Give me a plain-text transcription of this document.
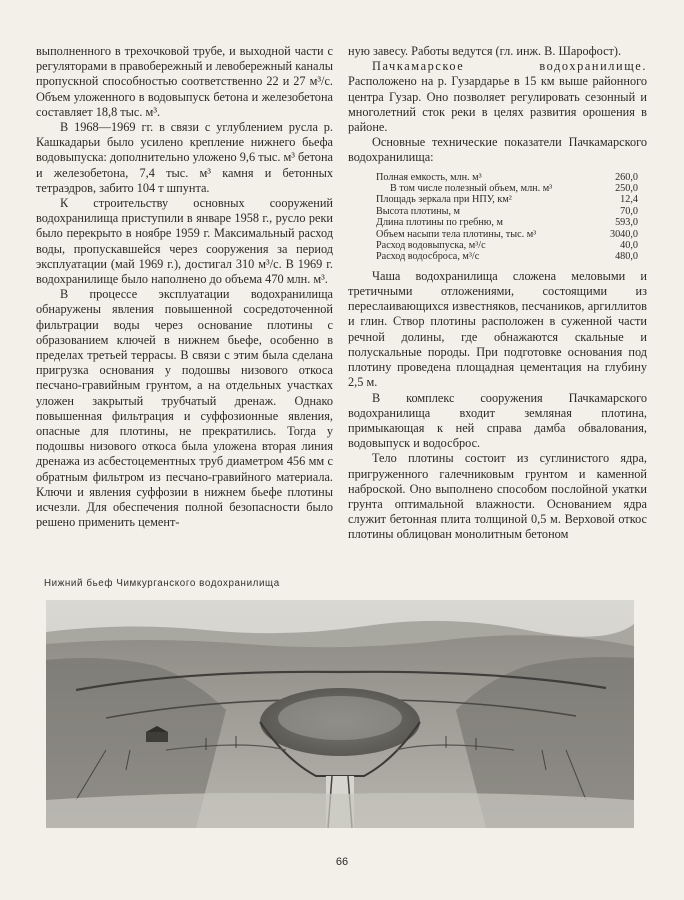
выполненного в трехочковой трубе, и выходной части с регуляторами в правобережный и левобережный каналы пропускной способностью соответственно 22 и 27 м³/с. Объем уложенного в водовыпуск бетона и железобетона составляет 18,8 тыс. м³.

В 1968—1969 гг. в связи с углублением русла р. Кашкадарьи было усилено крепление нижнего бьефа водовыпуска: дополнительно уложено 9,6 тыс. м³ бетона и железобетона, 7,4 тыс. м³ камня и бетонных тетраэдров, забито 104 т шпунта.

К строительству основных сооружений водохранилища приступили в январе 1958 г., русло реки было перекрыто в ноябре 1959 г. Максимальный расход воды, пропускавшейся через сооружения за период эксплуатации (май 1969 г.), достигал 310 м³/с. В 1969 г. водохранилище было наполнено до объема 470 млн. м³.

В процессе эксплуатации водохранилища обнаружены явления повышенной сосредоточенной фильтрации воды через основание плотины с образованием ключей в нижнем бьефе, особенно в пределах третьей террасы. В связи с этим была сделана пригрузка основания у подошвы низового откоса песчано-гравийным грунтом, а на отдельных участках уложен закрытый трубчатый дренаж. Однако повышенная фильтрация и суффозионные явления, опасные для плотины, не прекратились. Тогда у подошвы низового откоса была уложена вторая линия дренажа из асбестоцементных труб диаметром 456 мм с обратным фильтром из песчано-гравийного материала. Ключи и явления суффозии в нижнем бьефе плотины исчезли. Для обеспечения полной безопасности было решено применить цемент-

ную завесу. Работы ведутся (гл. инж. В. Шарофост).

Пачкамарское водохранилище. Расположено на р. Гузардарье в 15 км выше районного центра Гузар. Оно позволяет регулировать сезонный и многолетний сток реки в целях развития орошения в районе.

Основные технические показатели Пачкамарского водохранилища:

Полная емкость, млн. м³	260,0
В том числе полезный объем, млн. м³	250,0
Площадь зеркала при НПУ, км²	12,4
Высота плотины, м	70,0
Длина плотины по гребню, м	593,0
Объем насыпи тела плотины, тыс. м³	3040,0
Расход водовыпуска, м³/с	40,0
Расход водосброса, м³/с	480,0

Чаша водохранилища сложена меловыми и третичными отложениями, состоящими из переслаивающихся известняков, песчаников, аргиллитов и глин. Створ плотины расположен в суженной части речной долины, где обнажаются скальные и полускальные породы. При подготовке основания под плотину проведена площадная цементация на глубину 2,5 м.

В комплекс сооружения Пачкамарского водохранилища входит земляная плотина, примыкающая к ней справа дамба обвалования, водовыпуск и водосброс.

Тело плотины состоит из суглинистого ядра, пригруженного галечниковым грунтом и каменной наброской. Оно выполнено способом послойной укатки грунта оптимальной влажности. Основанием ядра служит бетонная плита толщиной 0,5 м. Верховой откос плотины облицован монолитным бетоном

Нижний бьеф Чимкурганского водохранилища
66
